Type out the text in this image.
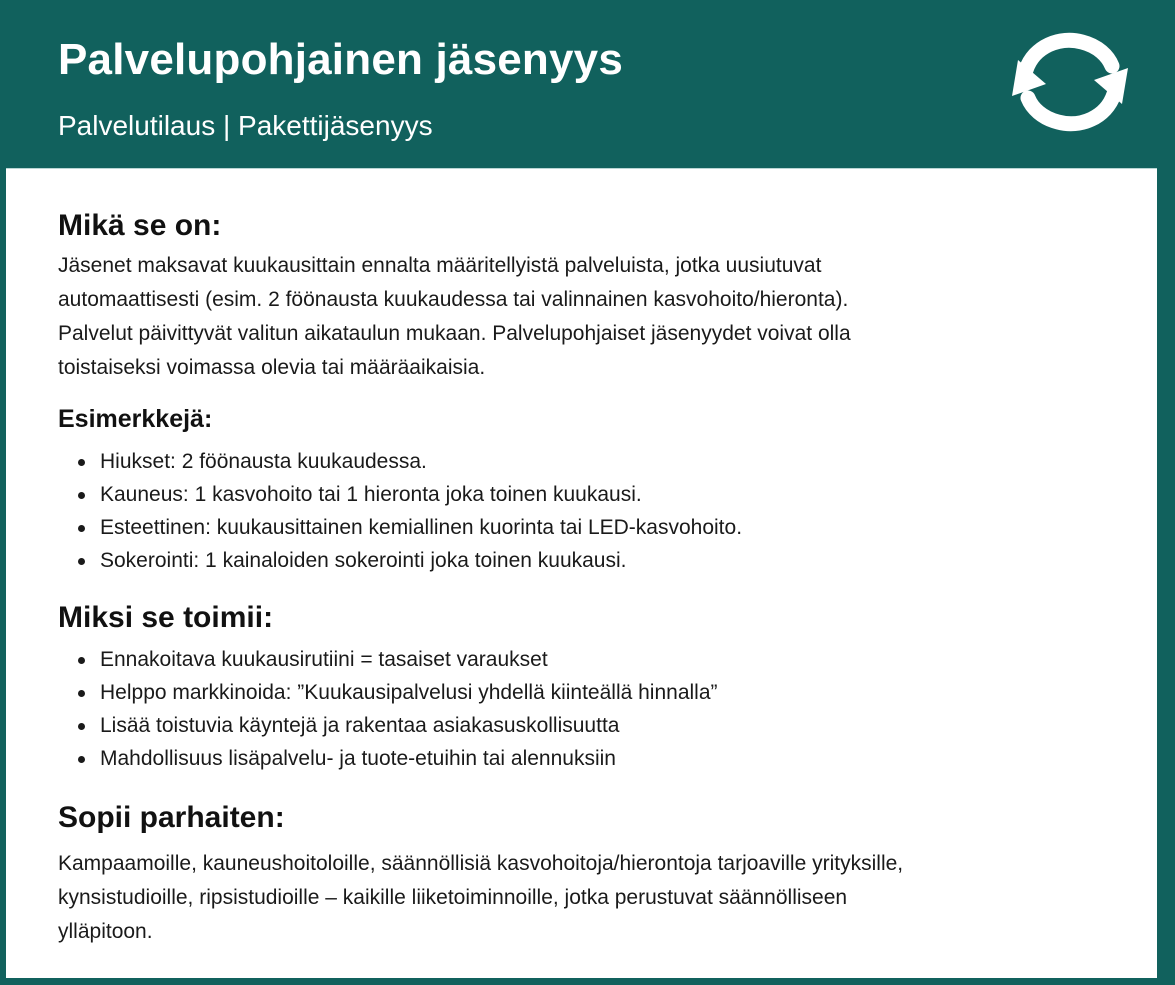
Palvelupohjainen jäsenyys
Palvelutilaus | Pakettijäsenyys
Mikä se on:

Jäsenet maksavat kuukausittain ennalta määritellyistä palveluista, jotka uusiutuvat
automaattisesti (esim. 2 föönausta kuukaudessa tai valinnainen kasvohoito/hieronta).
Palvelut päivittyvät valitun aikataulun mukaan. Palvelupohjaiset jäsenyydet voivat olla
toistaiseksi voimassa olevia tai määräaikaisia.

Esimerkkejä:
Hiukset: 2 föönausta kuukaudessa.
Kauneus: 1 kasvohoito tai 1 hieronta joka toinen kuukausi.
Esteettinen: kuukausittainen kemiallinen kuorinta tai LED-kasvohoito.
Sokerointi: 1 kainaloiden sokerointi joka toinen kuukausi.
Miksi se toimii:
Ennakoitava kuukausirutiini = tasaiset varaukset
Helppo markkinoida: ”Kuukausipalvelusi yhdellä kiinteällä hinnalla”
Lisää toistuvia käyntejä ja rakentaa asiakasuskollisuutta
Mahdollisuus lisäpalvelu- ja tuote-etuihin tai alennuksiin
Sopii parhaiten:

Kampaamoille, kauneushoitoloille, säännöllisiä kasvohoitoja/hierontoja tarjoaville yrityksille,
kynsistudioille, ripsistudioille – kaikille liiketoiminnoille, jotka perustuvat säännölliseen
ylläpitoon.
